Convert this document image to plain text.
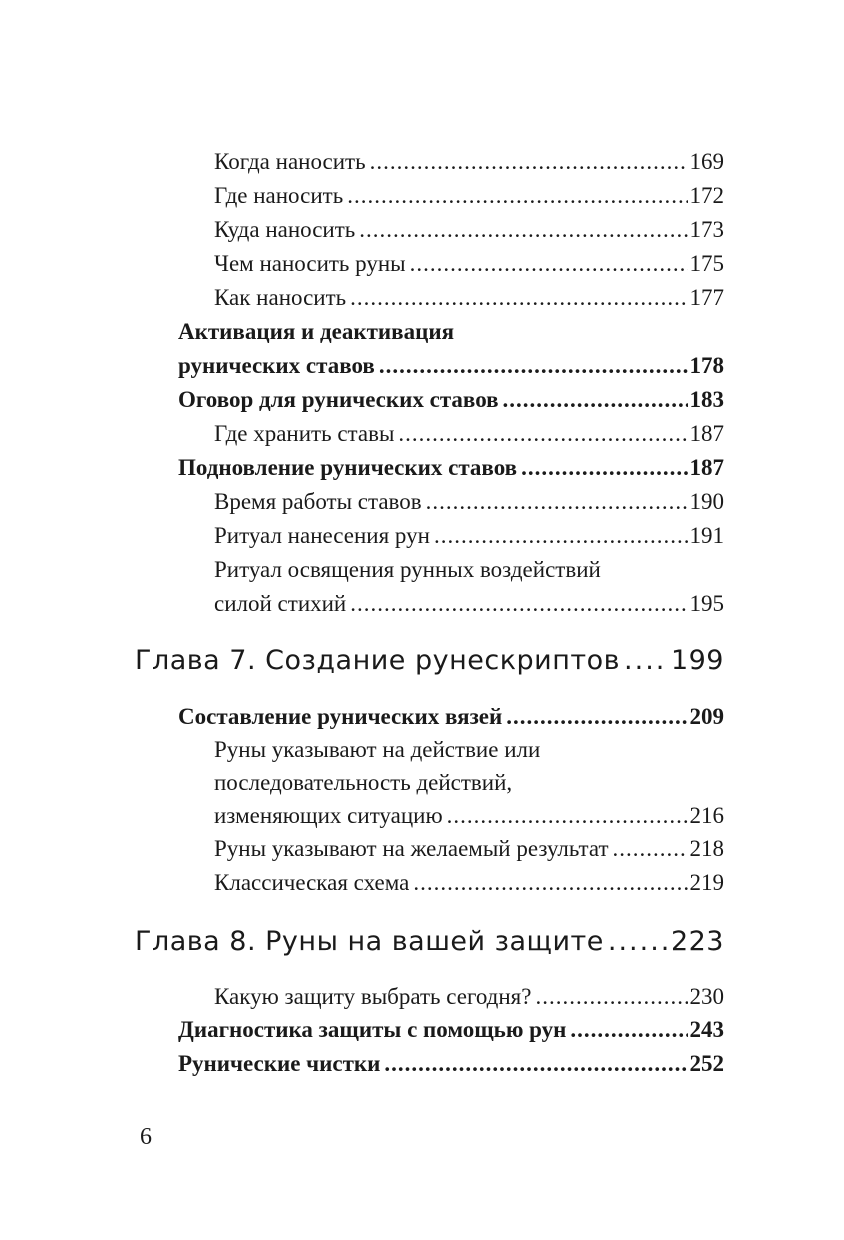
Когда наносить .....	169
Где наносить .....	172
Куда наносить .....	173
Чем наносить руны .....	175
Как наносить .....	177
Активация и деактивация
рунических ставов .....	178
Оговор для рунических ставов .....	183
Где хранить ставы .....	187
Подновление рунических ставов .....	187
Время работы ставов .....	190
Ритуал нанесения рун .....	191
Ритуал освящения рунных воздействий
силой стихий .....	195
Глава 7. Создание рунескриптов ..... 199
Составление рунических вязей .....	209
Руны указывают на действие или
последовательность действий,
изменяющих ситуацию .....	216
Руны указывают на желаемый результат .....	218
Классическая схема .....	219
Глава 8. Руны на вашей защите ..... 223
Какую защиту выбрать сегодня? .....	230
Диагностика защиты с помощью рун .....	243
Рунические чистки .....	252
6
